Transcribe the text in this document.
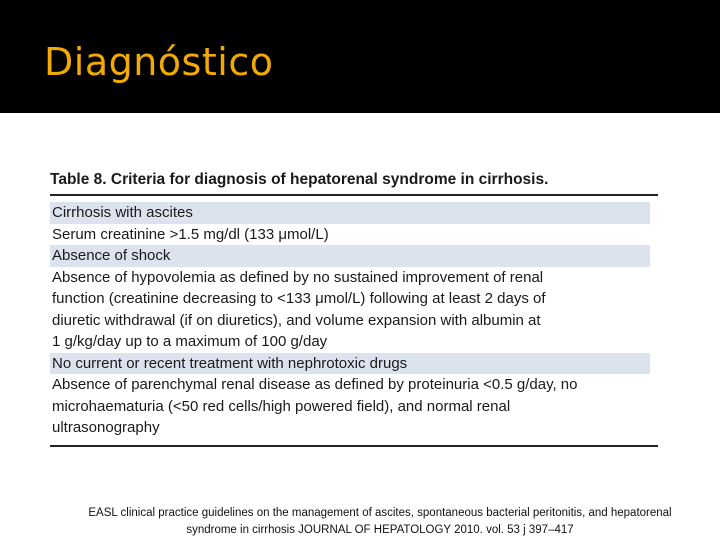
Diagnóstico
Table 8. Criteria for diagnosis of hepatorenal syndrome in cirrhosis.
Cirrhosis with ascites
Serum creatinine >1.5 mg/dl (133 μmol/L)
Absence of shock
Absence of hypovolemia as defined by no sustained improvement of renal
function (creatinine decreasing to <133 μmol/L) following at least 2 days of
diuretic withdrawal (if on diuretics), and volume expansion with albumin at
1 g/kg/day up to a maximum of 100 g/day
No current or recent treatment with nephrotoxic drugs
Absence of parenchymal renal disease as defined by proteinuria <0.5 g/day, no
microhaematuria (<50 red cells/high powered field), and normal renal
ultrasonography
EASL clinical practice guidelines on the management of ascites, spontaneous bacterial peritonitis, and hepatorenal
syndrome in cirrhosis JOURNAL OF HEPATOLOGY 2010. vol. 53 j 397–417
